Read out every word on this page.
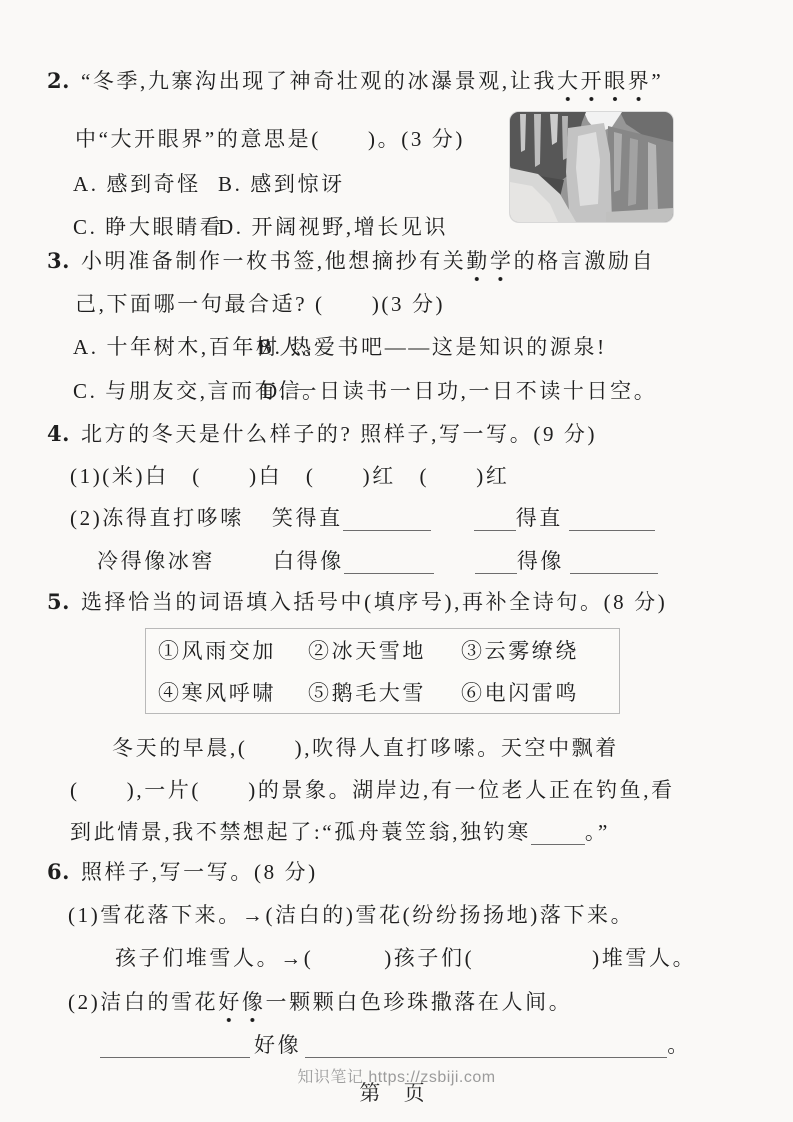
2. “冬季,九寨沟出现了神奇壮观的冰瀑景观,让我大开眼界”
中“大开眼界”的意思是(　　)。(3 分)
A. 感到奇怪 B. 感到惊讶
C. 睁大眼睛看
D. 开阔视野,增长见识
3. 小明准备制作一枚书签,他想摘抄有关勤学的格言激励自
己,下面哪一句最合适? (　　)(3 分)
A. 十年树木,百年树人。
B. 热爱书吧——这是知识的源泉!
C. 与朋友交,言而有信。
D. 一日读书一日功,一日不读十日空。
4. 北方的冬天是什么样子的? 照样子,写一写。(9 分)
(1)(米)白　(　　)白　(　　)红　(　　)红
(2)冻得直打哆嗦 笑得直	得直
冷得像冰窖	白得像	得像
5. 选择恰当的词语填入括号中(填序号),再补全诗句。(8 分)
①风雨交加 ②冰天雪地 ③云雾缭绕
④寒风呼啸 ⑤鹅毛大雪 ⑥电闪雷鸣
冬天的早晨,(　　),吹得人直打哆嗦。天空中飘着
(　　),一片(　　)的景象。湖岸边,有一位老人正在钓鱼,看
到此情景,我不禁想起了:“孤舟蓑笠翁,独钓寒	。”
6. 照样子,写一写。(8 分)
(1)雪花落下来。→(洁白的)雪花(纷纷扬扬地)落下来。
孩子们堆雪人。→(　　　)孩子们(　　　　　)堆雪人。
(2)洁白的雪花好像一颗颗白色珍珠撒落在人间。
好像	。
知识笔记 https://zsbiji.com
第 页
